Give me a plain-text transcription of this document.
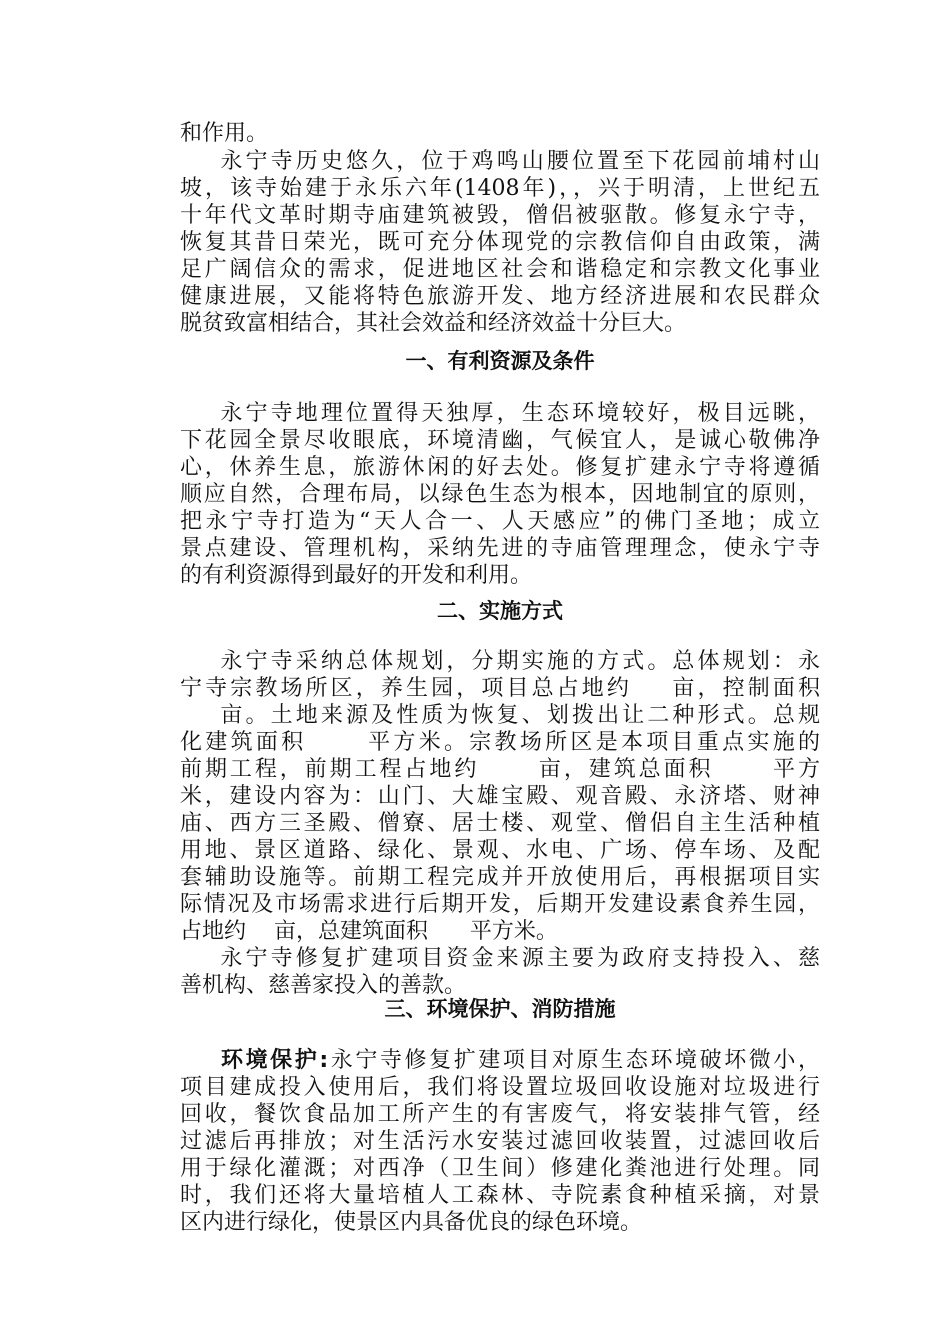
和作用。
永宁寺历史悠久，位于鸡鸣山腰位置至下花园前埔村山
坡，该寺始建于永乐六年(1408年)，，兴于明清，上世纪五
十年代文革时期寺庙建筑被毁，僧侣被驱散。修复永宁寺，
恢复其昔日荣光，既可充分体现党的宗教信仰自由政策，满
足广阔信众的需求，促进地区社会和谐稳定和宗教文化事业
健康进展，又能将特色旅游开发、地方经济进展和农民群众
脱贫致富相结合，其社会效益和经济效益十分巨大。
一、有利资源及条件
永宁寺地理位置得天独厚，生态环境较好，极目远眺，
下花园全景尽收眼底，环境清幽，气候宜人，是诚心敬佛净
心，休养生息，旅游休闲的好去处。修复扩建永宁寺将遵循
顺应自然，合理布局，以绿色生态为根本，因地制宜的原则，
把永宁寺打造为“天人合一、人天感应”的佛门圣地；成立
景点建设、管理机构，采纳先进的寺庙管理理念，使永宁寺
的有利资源得到最好的开发和利用。
二、实施方式
永宁寺采纳总体规划，分期实施的方式。总体规划：永
宁寺宗教场所区，养生园，项目总占地约    亩，控制面积
亩。土地来源及性质为恢复、划拨出让二种形式。总规
化建筑面积      平方米。宗教场所区是本项目重点实施的
前期工程，前期工程占地约      亩，建筑总面积      平方
米，建设内容为：山门、大雄宝殿、观音殿、永济塔、财神
庙、西方三圣殿、僧寮、居士楼、观堂、僧侣自主生活种植
用地、景区道路、绿化、景观、水电、广场、停车场、及配
套辅助设施等。前期工程完成并开放使用后，再根据项目实
际情况及市场需求进行后期开发，后期开发建设素食养生园，
占地约    亩，总建筑面积      平方米。
永宁寺修复扩建项目资金来源主要为政府支持投入、慈
善机构、慈善家投入的善款。
三、环境保护、消防措施
环境保护:永宁寺修复扩建项目对原生态环境破坏微小，
项目建成投入使用后，我们将设置垃圾回收设施对垃圾进行
回收，餐饮食品加工所产生的有害废气，将安装排气管，经
过滤后再排放；对生活污水安装过滤回收装置，过滤回收后
用于绿化灌溉；对西净（卫生间）修建化粪池进行处理。同
时，我们还将大量培植人工森林、寺院素食种植采摘，对景
区内进行绿化，使景区内具备优良的绿色环境。
